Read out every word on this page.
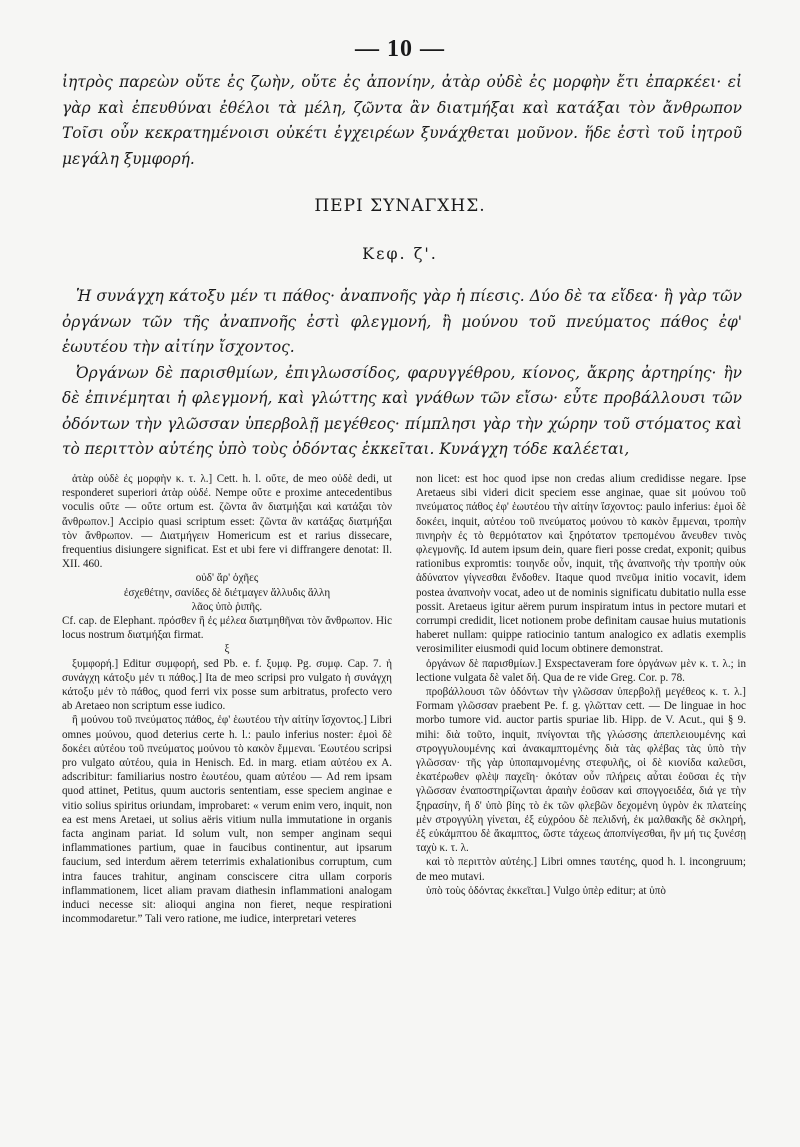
— 10 —

ἰητρὸς παρεὼν οὔτε ἐς ζωὴν, οὔτε ἐς ἀπονίην, ἀτὰρ οὐδὲ ἐς μορφὴν ἔτι ἐπαρκέει· εἰ γὰρ καὶ ἐπευθύναι ἐθέλοι τὰ μέλη, ζῶντα ἂν διατμήξαι καὶ κατάξαι τὸν ἄνθρωπον Τοῖσι οὖν κεκρατημένοισι οὐκέτι ἐγχειρέων ξυνάχθεται μοῦνον. ἥδε ἐστὶ τοῦ ἰητροῦ μεγάλη ξυμφορή.

ΠΕΡΙ ΣΥΝΑΓΧΗΣ.
Κεφ. ζ'.

Ἡ συνάγχη κάτοξυ μέν τι πάθος· ἀναπνοῆς γὰρ ἡ πίεσις. Δύο δὲ τα εἴδεα· ἢ γὰρ τῶν ὀργάνων τῶν τῆς ἀναπνοῆς ἐστὶ φλεγμονή, ἢ μούνου τοῦ πνεύματος πάθος ἐφ' ἑωυτέου τὴν αἰτίην ἴσχοντος.

Ὀργάνων δὲ παρισθμίων, ἐπιγλωσσίδος, φαρυγγέθρου, κίονος, ἄκρης ἀρτηρίης· ἢν δὲ ἐπινέμηται ἡ φλεγμονή, καὶ γλώττης καὶ γνάθων τῶν εἴσω· εὖτε προβάλλουσι τῶν ὀδόντων τὴν γλῶσσαν ὑπερβολῇ μεγέθεος· πίμπλησι γὰρ τὴν χώρην τοῦ στόματος καὶ τὸ περιττὸν αὐτέης ὑπὸ τοὺς ὀδόντας ἐκκεῖται. Κυνάγχη τόδε καλέεται,

ἀτὰρ οὐδὲ ἐς μορφὴν κ. τ. λ.] Cett. h. l. οὔτε, de meo οὐδὲ dedi, ut responderet superiori ἀτὰρ οὐδέ. Nempe οὔτε e proxime antecedentibus voculis οὔτε — οὔτε ortum est. ζῶντα ἂν διατμήξαι καὶ κατάξαι τὸν ἄνθρωπον.] Accipio quasi scriptum esset: ζῶντα ἂν κατάξας διατμήξαι τὸν ἄνθρωπον. — Διατμήγειν Homericum est et rarius dissecare, frequentius disiungere significat. Est et ubi fere vi diffrangere denotat: Il. XII. 460.

οὐδ' ἄρ' ὀχῆες

ἐσχεθέτην, σανίδες δὲ διέτμαγεν ἄλλυδις ἄλλη

λᾶος ὑπὸ ῥιπῆς.

Cf. cap. de Elephant. πρόσθεν ἢ ἐς μέλεα διατμηθῆναι τὸν ἄνθρωπον. Hic locus nostrum διατμήξαι firmat.

ξ

ξυμφορή.] Editur συμφορή, sed Pb. e. f. ξυμφ. Pg. συμφ. Cap. 7. ἡ συνάγχη κάτοξυ μέν τι πάθος.] Ita de meo scripsi pro vulgato ἡ συνάγχη κάτοξυ μέν τὸ πάθος, quod ferri vix posse sum arbitratus, profecto vero ab Aretaeo non scriptum esse iudico.

ἢ μούνου τοῦ πνεύματος πάθος, ἐφ' ἑωυτέου τὴν αἰτίην ἴσχοντος.] Libri omnes μούνου, quod deterius certe h. l.: paulo inferius noster: ἐμοὶ δὲ δοκέει αὐτέου τοῦ πνεύματος μούνου τὸ κακὸν ἔμμεναι. Ἑωυτέου scripsi pro vulgato αὐτέου, quia in Henisch. Ed. in marg. etiam αὐτέου ex A. adscribitur: familiarius nostro ἑωυτέου, quam αὐτέου — Ad rem ipsam quod attinet, Petitus, quum auctoris sententiam, esse speciem anginae e vitio solius spiritus oriundam, improbaret: « verum enim vero, inquit, non ea est mens Aretaei, ut solius aëris vitium nulla immutatione in organis facta anginam pariat. Id solum vult, non semper anginam sequi inflammationes partium, quae in faucibus continentur, aut ipsarum faucium, sed interdum aërem teterrimis exhalationibus corruptum, cum intra fauces trahitur, anginam consciscere citra ullam corporis inflammationem, licet aliam pravam diathesin inflammationi analogam induci necesse sit: alioqui angina non fieret, neque respirationi incommodaretur.” Tali vero ratione, me iudice, interpretari veteres

non licet: est hoc quod ipse non credas alium credidisse negare. Ipse Aretaeus sibi videri dicit speciem esse anginae, quae sit μούνου τοῦ πνεύματος πάθος ἐφ' ἑωυτέου τὴν αἰτίην ἴσχοντος: paulo inferius: ἐμοὶ δὲ δοκέει, inquit, αὐτέου τοῦ πνεύματος μούνου τὸ κακὸν ἔμμεναι, τροπὴν πινηρὴν ἐς τὸ θερμότατον καὶ ξηρότατον τρεπομένου ἄνευθεν τινὸς φλεγμονῆς. Id autem ipsum dein, quare fieri posse credat, exponit; quibus rationibus expromtis: τοιηνδε οὖν, inquit, τῆς ἀναπνοῆς τὴν τροπὴν οὐκ ἀδύνατον γίγνεσθαι ἔνδοθεν. Itaque quod πνεῦμα initio vocavit, idem postea ἀναπνοὴν vocat, adeo ut de nominis significatu dubitatio nulla esse possit. Aretaeus igitur aërem purum inspiratum intus in pectore mutari et corrumpi credidit, licet notionem probe definitam causae huius mutationis haberet nullam: quippe ratiocinio tantum analogico ex adlatis exemplis verosimiliter eiusmodi quid locum obtinere demonstrat.

ὀργάνων δὲ παρισθμίων.] Exspectaveram fore ὀργάνων μὲν κ. τ. λ.; in lectione vulgata δὲ valet δή. Qua de re vide Greg. Cor. p. 78.

προβάλλουσι τῶν ὀδόντων τὴν γλῶσσαν ὑπερβολῇ μεγέθεος κ. τ. λ.] Formam γλῶσσαν praebent Pe. f. g. γλῶτταν cett. — De linguae in hoc morbo tumore vid. auctor partis spuriae lib. Hipp. de V. Acut., qui § 9. mihi: διὰ τοῦτο, inquit, πνίγονται τῆς γλώσσης ἀπεπλειουμένης καὶ στρογγυλουμένης καὶ ἀνακαμπτομένης διὰ τὰς φλέβας τὰς ὑπὸ τὴν γλῶσσαν· τῆς γὰρ ὑποπαμνομένης στεφυλῆς, οἱ δὲ κιονίδα καλεῦσι, ἑκατέρωθεν φλὲψ παχεῖη· ὁκόταν οὖν πλήρεις αὗται ἐοῦσαι ἐς τὴν γλῶσσαν ἐναποστηρίζωνται ἀραιὴν ἐοῦσαν καὶ σπογγοειδέα, διά γε τὴν ξηρασίην, ἢ δ' ὑπὸ βίης τὸ ἐκ τῶν φλεβῶν δεχομένη ὑγρὸν ἐκ πλατείης μὲν στρογγύλη γίνεται, ἐξ εὐχρόου δὲ πελιδνή, ἐκ μαλθακῆς δὲ σκληρή, ἐξ εὐκάμπτου δὲ ἄκαμπτος, ὥστε τάχεως ἀποπνίγεσθαι, ἢν μή τις ξυνέσῃ ταχὺ κ. τ. λ.

καὶ τὸ περιττὸν αὐτέης.] Libri omnes ταυτέης, quod h. l. incongruum; de meo mutavi.

ὑπὸ τοὺς ὀδόντας ἐκκεῖται.] Vulgo ὑπὲρ editur; at ὑπὸ
